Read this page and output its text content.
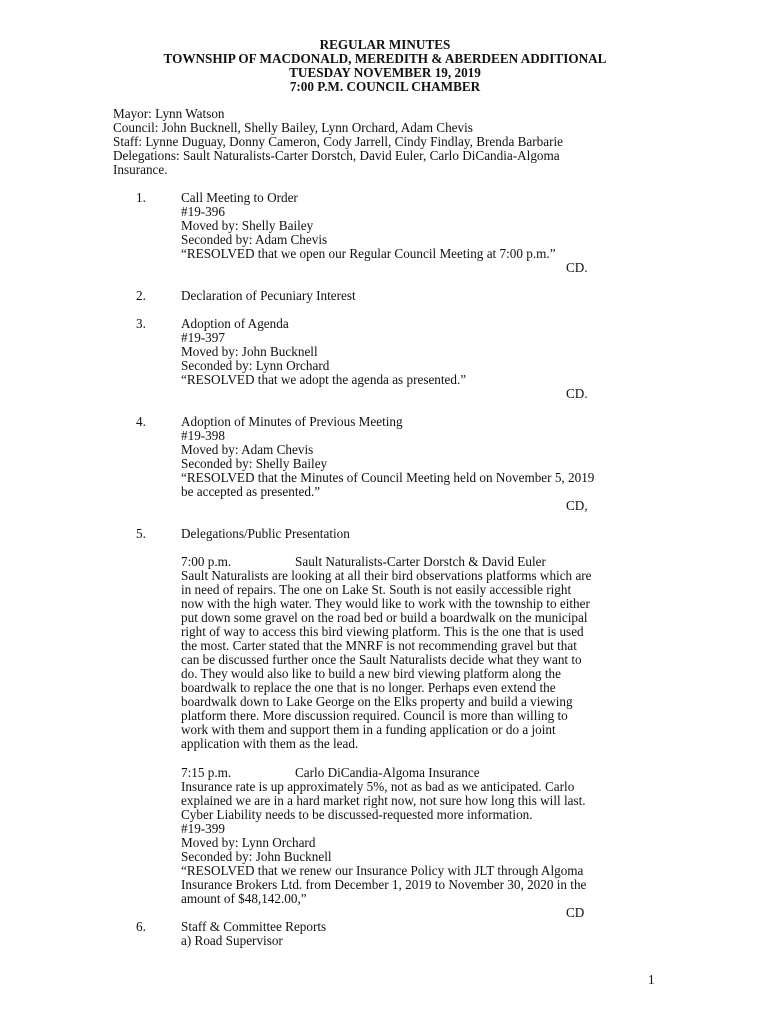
REGULAR MINUTES
TOWNSHIP OF MACDONALD, MEREDITH & ABERDEEN ADDITIONAL
TUESDAY NOVEMBER 19, 2019
7:00 P.M. COUNCIL CHAMBER
Mayor: Lynn Watson
Council: John Bucknell, Shelly Bailey, Lynn Orchard, Adam Chevis
Staff: Lynne Duguay, Donny Cameron, Cody Jarrell, Cindy Findlay, Brenda Barbarie
Delegations: Sault Naturalists-Carter Dorstch, David Euler, Carlo DiCandia-Algoma
Insurance.
1.	Call Meeting to Order
#19-396
Moved by: Shelly Bailey
Seconded by: Adam Chevis
“RESOLVED that we open our Regular Council Meeting at 7:00 p.m.”
CD.
2.	Declaration of Pecuniary Interest
3.	Adoption of Agenda
#19-397
Moved by: John Bucknell
Seconded by: Lynn Orchard
“RESOLVED that we adopt the agenda as presented.”
CD.
4.	Adoption of Minutes of Previous Meeting
#19-398
Moved by: Adam Chevis
Seconded by: Shelly Bailey
“RESOLVED that the Minutes of Council Meeting held on November 5, 2019
be accepted as presented.”
CD,
5.	Delegations/Public Presentation
7:00 p.m.	Sault Naturalists-Carter Dorstch & David Euler
Sault Naturalists are looking at all their bird observations platforms which are
in need of repairs. The one on Lake St. South is not easily accessible right
now with the high water. They would like to work with the township to either
put down some gravel on the road bed or build a boardwalk on the municipal
right of way to access this bird viewing platform. This is the one that is used
the most. Carter stated that the MNRF is not recommending gravel but that
can be discussed further once the Sault Naturalists decide what they want to
do. They would also like to build a new bird viewing platform along the
boardwalk to replace the one that is no longer. Perhaps even extend the
boardwalk down to Lake George on the Elks property and build a viewing
platform there. More discussion required. Council is more than willing to
work with them and support them in a funding application or do a joint
application with them as the lead.
7:15 p.m.	Carlo DiCandia-Algoma Insurance
Insurance rate is up approximately 5%, not as bad as we anticipated. Carlo
explained we are in a hard market right now, not sure how long this will last.
Cyber Liability needs to be discussed-requested more information.
#19-399
Moved by: Lynn Orchard
Seconded by: John Bucknell
“RESOLVED that we renew our Insurance Policy with JLT through Algoma
Insurance Brokers Ltd. from December 1, 2019 to November 30, 2020 in the
amount of $48,142.00,”
CD
6.	Staff & Committee Reports
a) Road Supervisor
1
